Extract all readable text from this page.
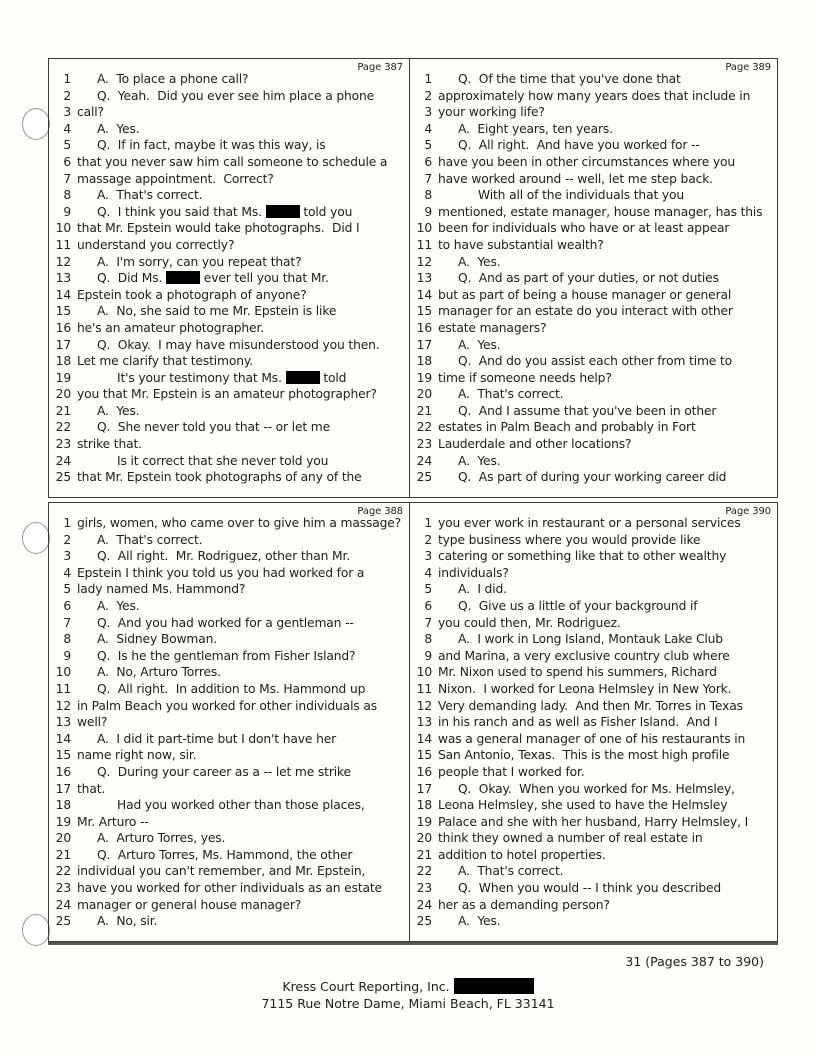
Page 387
1	A.  To place a phone call?
2	Q.  Yeah.  Did you ever see him place a phone
3 call?
4	A.  Yes.
5	Q.  If in fact, maybe it was this way, is
6 that you never saw him call someone to schedule a
7 massage appointment.  Correct?
8	A.  That's correct.
9	Q.  I think you said that Ms.	told you
10 that Mr. Epstein would take photographs.  Did I
11 understand you correctly?
12	A.  I'm sorry, can you repeat that?
13	Q.  Did Ms.	ever tell you that Mr.
14 Epstein took a photograph of anyone?
15	A.  No, she said to me Mr. Epstein is like
16 he's an amateur photographer.
17	Q.  Okay.  I may have misunderstood you then.
18 Let me clarify that testimony.
19	It's your testimony that Ms.	told
20 you that Mr. Epstein is an amateur photographer?
21	A.  Yes.
22	Q.  She never told you that -- or let me
23 strike that.
24	Is it correct that she never told you
25 that Mr. Epstein took photographs of any of the
Page 389
1	Q.  Of the time that you've done that
2 approximately how many years does that include in
3 your working life?
4	A.  Eight years, ten years.
5	Q.  All right.  And have you worked for --
6 have you been in other circumstances where you
7 have worked around -- well, let me step back.
8	With all of the individuals that you
9 mentioned, estate manager, house manager, has this
10 been for individuals who have or at least appear
11 to have substantial wealth?
12	A.  Yes.
13	Q.  And as part of your duties, or not duties
14 but as part of being a house manager or general
15 manager for an estate do you interact with other
16 estate managers?
17	A.  Yes.
18	Q.  And do you assist each other from time to
19 time if someone needs help?
20	A.  That's correct.
21	Q.  And I assume that you've been in other
22 estates in Palm Beach and probably in Fort
23 Lauderdale and other locations?
24	A.  Yes.
25	Q.  As part of during your working career did
Page 388
1 girls, women, who came over to give him a massage?
2	A.  That's correct.
3	Q.  All right.  Mr. Rodriguez, other than Mr.
4 Epstein I think you told us you had worked for a
5 lady named Ms. Hammond?
6	A.  Yes.
7	Q.  And you had worked for a gentleman --
8	A.  Sidney Bowman.
9	Q.  Is he the gentleman from Fisher Island?
10	A.  No, Arturo Torres.
11	Q.  All right.  In addition to Ms. Hammond up
12 in Palm Beach you worked for other individuals as
13 well?
14	A.  I did it part-time but I don't have her
15 name right now, sir.
16	Q.  During your career as a -- let me strike
17 that.
18	Had you worked other than those places,
19 Mr. Arturo --
20	A.  Arturo Torres, yes.
21	Q.  Arturo Torres, Ms. Hammond, the other
22 individual you can't remember, and Mr. Epstein,
23 have you worked for other individuals as an estate
24 manager or general house manager?
25	A.  No, sir.
Page 390
1 you ever work in restaurant or a personal services
2 type business where you would provide like
3 catering or something like that to other wealthy
4 individuals?
5	A.  I did.
6	Q.  Give us a little of your background if
7 you could then, Mr. Rodriguez.
8	A.  I work in Long Island, Montauk Lake Club
9 and Marina, a very exclusive country club where
10 Mr. Nixon used to spend his summers, Richard
11 Nixon.  I worked for Leona Helmsley in New York.
12 Very demanding lady.  And then Mr. Torres in Texas
13 in his ranch and as well as Fisher Island.  And I
14 was a general manager of one of his restaurants in
15 San Antonio, Texas.  This is the most high profile
16 people that I worked for.
17	Q.  Okay.  When you worked for Ms. Helmsley,
18 Leona Helmsley, she used to have the Helmsley
19 Palace and she with her husband, Harry Helmsley, I
20 think they owned a number of real estate in
21 addition to hotel properties.
22	A.  That's correct.
23	Q.  When you would -- I think you described
24 her as a demanding person?
25	A.  Yes.
31 (Pages 387 to 390)
Kress Court Reporting, Inc.
7115 Rue Notre Dame, Miami Beach, FL 33141
